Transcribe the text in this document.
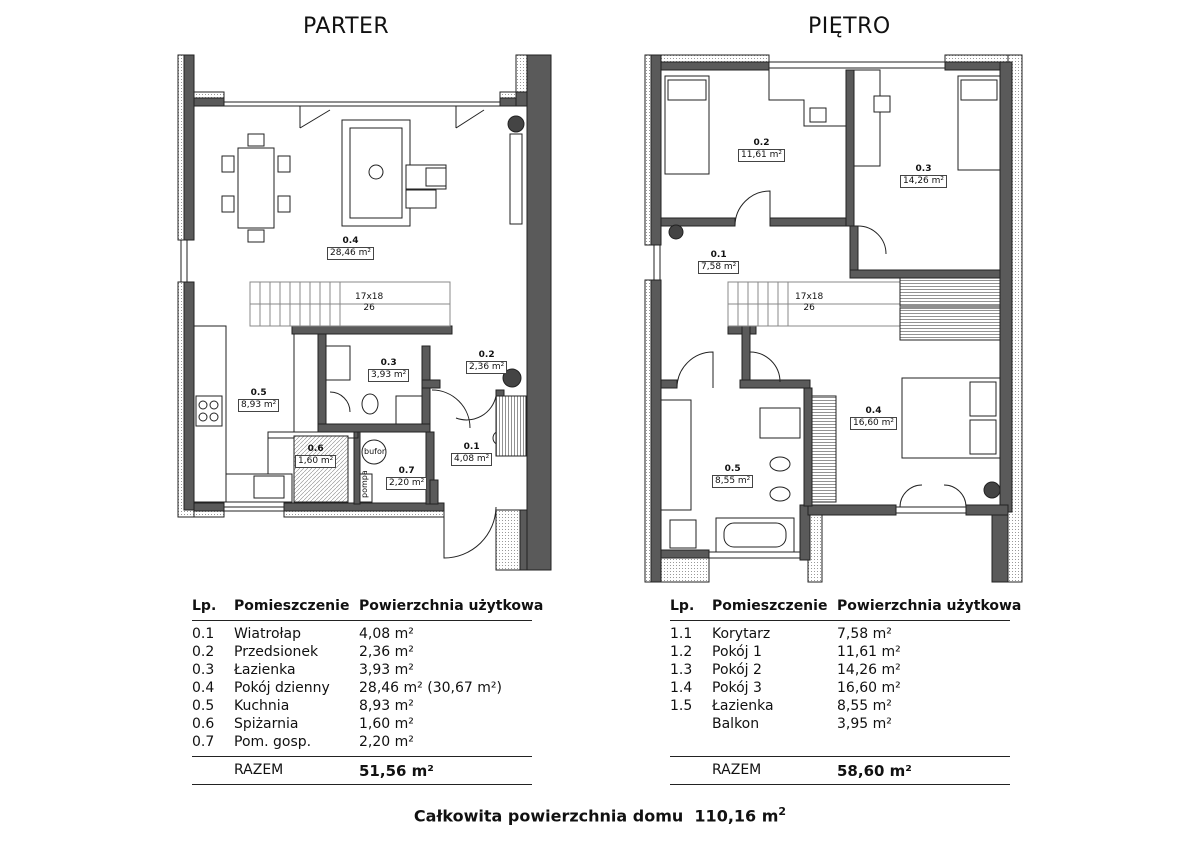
PARTER	PIĘTRO
0.4
28,46 m²
0.5
8,93 m²
0.3
3,93 m²
0.2
2,36 m²
0.6
1,60 m²
0.7
2,20 m²
0.1
4,08 m²
17x18
26
bufor
pompa
0.2
11,61 m²
0.3
14,26 m²
0.1
7,58 m²
0.4
16,60 m²
0.5
8,55 m²
17x18
26
Lp. Pomieszczenie Powierzchnia użytkowa
0.1 Wiatrołap	4,08 m²
0.2 Przedsionek	2,36 m²
0.3 Łazienka	3,93 m²
0.4 Pokój dzienny 28,46 m² (30,67 m²)
0.5 Kuchnia	8,93 m²
0.6 Spiżarnia	1,60 m²
0.7 Pom. gosp.	2,20 m²
RAZEM	51,56 m²
Lp. Pomieszczenie Powierzchnia użytkowa
1.1 Korytarz	7,58 m²
1.2 Pokój 1	11,61 m²
1.3 Pokój 2	14,26 m²
1.4 Pokój 3	16,60 m²
1.5 Łazienka	8,55 m²
Balkon	3,95 m²
RAZEM	58,60 m²
Całkowita powierzchnia domu 110,16 $m^2$
